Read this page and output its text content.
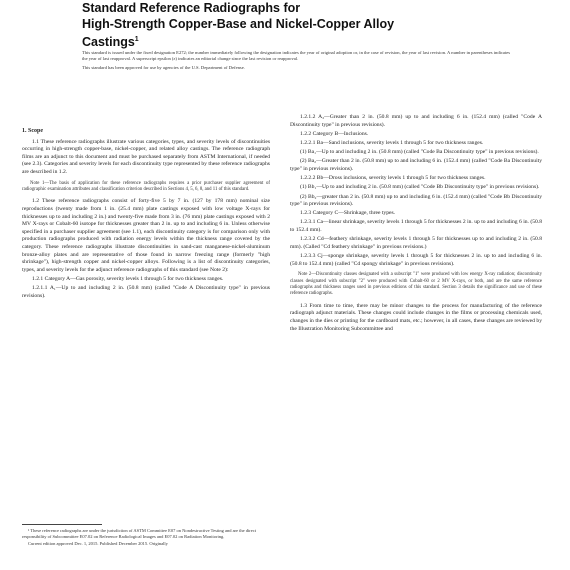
Standard Reference Radiographs for
High-Strength Copper-Base and Nickel-Copper Alloy
Castings$^1$

This standard is issued under the fixed designation E272; the number immediately following the designation indicates the year of original adoption or, in the case of revision, the year of last revision. A number in parentheses indicates the year of last reapproval. A superscript epsilon (ε) indicates an editorial change since the last revision or reapproval.

This standard has been approved for use by agencies of the U.S. Department of Defense.

1. Scope

1.1 These reference radiographs illustrate various categories, types, and severity levels of discontinuities occurring in high-strength copper-base, nickel-copper, and related alloy castings. The reference radiograph films are an adjunct to this document and must be purchased separately from ASTM International, if needed (see 2.3). Categories and severity levels for each discontinuity type represented by these reference radiographs are described in 1.2.

Note 1—The basis of application for these reference radiographs requires a prior purchaser supplier agreement of radiographic examination attributes and classification criterion described in Sections 4, 5, 6, 8, and 11 of this standard.

1.2 These reference radiographs consist of forty-five 5 by 7 in. (127 by 178 mm) nominal size reproductions (twenty made from 1 in. (25.4 mm) plate castings exposed with low voltage X-rays for thicknesses up to and including 2 in.) and twenty-five made from 3 in. (76 mm) plate castings exposed with 2 MV X-rays or Cobalt-60 isotope for thicknesses greater than 2 in. up to and including 6 in. Unless otherwise specified in a purchaser supplier agreement (see 1.1), each discontinuity category is for comparison only with production radiographs produced with radiation energy levels within the thickness range covered by the category. These reference radiographs illustrate discontinuities in sand-cast manganese-nickel-aluminum bronze-alloy plates and are representative of those found in narrow freezing range (formerly "high shrinkage"), high-strength copper and nickel-copper alloys. Following is a list of discontinuity categories, types, and severity levels for the adjunct reference radiographs of this standard (see Note 2):

1.2.1 Category A—Gas porosity, severity levels 1 through 5 for two thickness ranges.

1.2.1.1 A₁—Up to and including 2 in. (50.8 mm) (called "Code A Discontinuity type" in previous revisions).

1.2.1.2 A₂—Greater than 2 in. (50.8 mm) up to and including 6 in. (152.4 mm) (called "Code A Discontinuity type" in previous revisions).

1.2.2 Category B—Inclusions.

1.2.2.1 Ba—Sand inclusions, severity levels 1 through 5 for two thickness ranges.

(1) Ba₁—Up to and including 2 in. (50.8 mm) (called "Code Ba Discontinuity type" in previous revisions).

(2) Ba₂—Greater than 2 in. (50.8 mm) up to and including 6 in. (152.4 mm) (called "Code Ba Discontinuity type" in previous revisions).

1.2.2.2 Bb—Dross inclusions, severity levels 1 through 5 for two thickness ranges.

(1) Bb₁—Up to and including 2 in. (50.8 mm) (called "Code Bb Discontinuity type" in previous revisions).

(2) Bb₂—greater than 2 in. (50.8 mm) up to and including 6 in. (152.4 mm) (called "Code Bb Discontinuity type" in previous revisions).

1.2.3 Category C—Shrinkage, three types.

1.2.3.1 Ca—linear shrinkage, severity levels 1 through 5 for thicknesses 2 in. up to and including 6 in. (50.8 to 152.4 mm).

1.2.3.2 Cd—feathery shrinkage, severity levels 1 through 5 for thicknesses up to and including 2 in. (50.8 mm). (Called "Cd feathery shrinkage" in previous revisions.)

1.2.3.3 Cj—sponge shrinkage, severity levels 1 through 5 for thicknesses 2 in. up to and including 6 in. (50.8 to 152.4 mm) (called "Cd spongy shrinkage" in previous revisions).

Note 2—Discontinuity classes designated with a subscript "1" were produced with low energy X-ray radiation; discontinuity classes designated with subscript "2" were produced with Cobalt-60 or 2 MV X-rays, or both, and are the same reference radiographs and thickness ranges used in previous editions of this standard. Section 3 details the significance and use of these reference radiographs.

1.3 From time to time, there may be minor changes to the process for manufacturing of the reference radiograph adjunct materials. These changes could include changes in the films or processing chemicals used, changes in the dies or printing for the cardboard mats, etc.; however, in all cases, these changes are reviewed by the Illustration Monitoring Subcommittee and

¹ These reference radiographs are under the jurisdiction of ASTM Committee E07 on Nondestructive Testing and are the direct responsibility of Subcommittee E07.02 on Reference Radiological Images and E07.02 on Radiation Monitoring.

Current edition approved Dec. 1, 2015. Published December 2015. Originally
